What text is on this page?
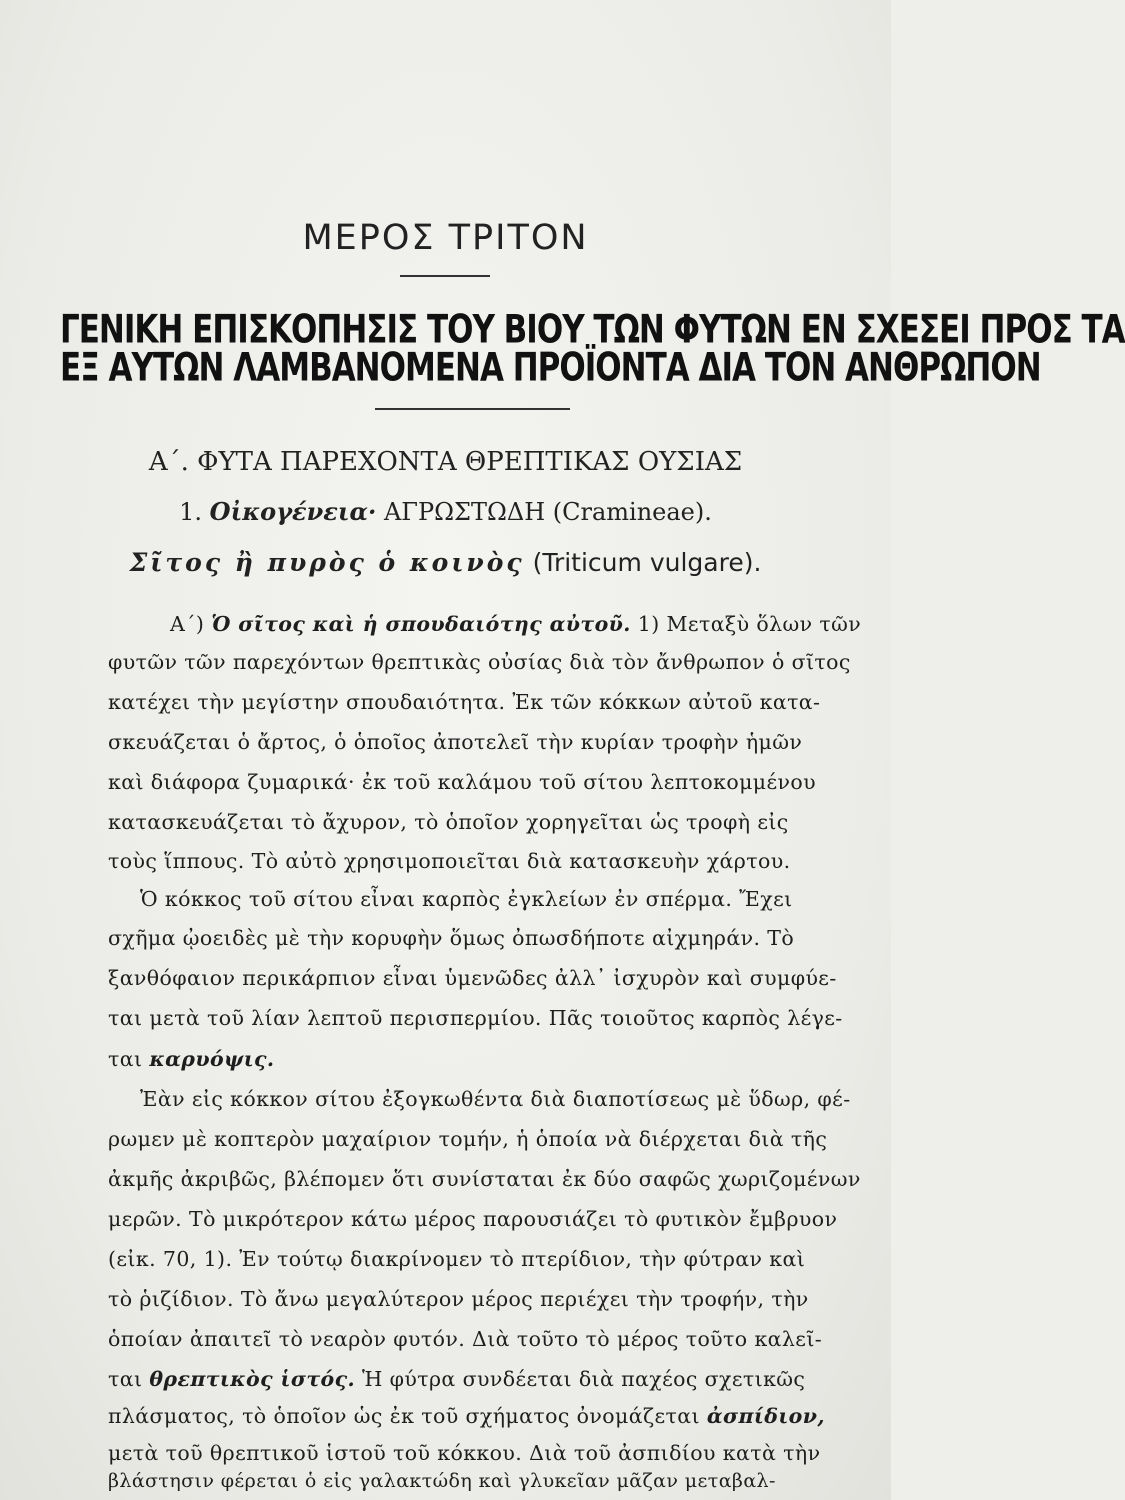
ΜΕΡΟΣ ΤΡΙΤΟΝ
ΓΕΝΙΚΗ ΕΠΙΣΚΟΠΗΣΙΣ ΤΟΥ ΒΙΟΥ ΤΩΝ ΦΥΤΩΝ ΕΝ ΣΧΕΣΕΙ ΠΡΟΣ ΤΑ
ΕΞ ΑΥΤΩΝ ΛΑΜΒΑΝΟΜΕΝΑ ΠΡΟΪΟΝΤΑ ΔΙΑ ΤΟΝ ΑΝΘΡΩΠΟΝ
Α΄. ΦΥΤΑ ΠΑΡΕΧΟΝΤΑ ΘΡΕΠΤΙΚΑΣ ΟΥΣΙΑΣ
1. Οἰκογένεια· ΑΓΡΩΣΤΩΔΗ (Cramineae).
Σῖτος ἢ πυρὸς ὁ κοινὸς (Triticum vulgare).
Α΄) Ὁ σῖτος καὶ ἡ σπουδαιότης αὐτοῦ. 1) Μεταξὺ ὅλων τῶν
φυτῶν τῶν παρεχόντων θρεπτικὰς οὐσίας διὰ τὸν ἄνθρωπον ὁ σῖτος
κατέχει τὴν μεγίστην σπουδαιότητα. Ἐκ τῶν κόκκων αὐτοῦ κατα-
σκευάζεται ὁ ἄρτος, ὁ ὁποῖος ἀποτελεῖ τὴν κυρίαν τροφὴν ἡμῶν
καὶ διάφορα ζυμαρικά· ἐκ τοῦ καλάμου τοῦ σίτου λεπτοκομμένου
κατασκευάζεται τὸ ἄχυρον, τὸ ὁποῖον χορηγεῖται ὡς τροφὴ εἰς
τοὺς ἵππους. Τὸ αὐτὸ χρησιμοποιεῖται διὰ κατασκευὴν χάρτου.
Ὁ κόκκος τοῦ σίτου εἶναι καρπὸς ἐγκλείων ἐν σπέρμα. Ἔχει
σχῆμα ᾠοειδὲς μὲ τὴν κορυφὴν ὅμως ὀπωσδήποτε αἰχμηράν. Τὸ
ξανθόφαιον περικάρπιον εἶναι ὑμενῶδες ἀλλ᾿ ἰσχυρὸν καὶ συμφύε-
ται μετὰ τοῦ λίαν λεπτοῦ περισπερμίου. Πᾶς τοιοῦτος καρπὸς λέγε-
ται καρυόψις.
Ἐὰν εἰς κόκκον σίτου ἐξογκωθέντα διὰ διαποτίσεως μὲ ὕδωρ, φέ-
ρωμεν μὲ κοπτερὸν μαχαίριον τομήν, ἡ ὁποία νὰ διέρχεται διὰ τῆς
ἀκμῆς ἀκριβῶς, βλέπομεν ὅτι συνίσταται ἐκ δύο σαφῶς χωριζομένων
μερῶν. Τὸ μικρότερον κάτω μέρος παρουσιάζει τὸ φυτικὸν ἔμβρυον
(εἰκ. 70, 1). Ἐν τούτῳ διακρίνομεν τὸ πτερίδιον, τὴν φύτραν καὶ
τὸ ῥιζίδιον. Τὸ ἄνω μεγαλύτερον μέρος περιέχει τὴν τροφήν, τὴν
ὁποίαν ἀπαιτεῖ τὸ νεαρὸν φυτόν. Διὰ τοῦτο τὸ μέρος τοῦτο καλεῖ-
ται θρεπτικὸς ἱστός. Ἡ φύτρα συνδέεται διὰ παχέος σχετικῶς
πλάσματος, τὸ ὁποῖον ὡς ἐκ τοῦ σχήματος ὀνομάζεται ἀσπίδιον,
μετὰ τοῦ θρεπτικοῦ ἱστοῦ τοῦ κόκκου. Διὰ τοῦ ἀσπιδίου κατὰ τὴν
βλάστησιν φέρεται ὁ εἰς γαλακτώδη καὶ γλυκεῖαν μᾶζαν μεταβαλ-
